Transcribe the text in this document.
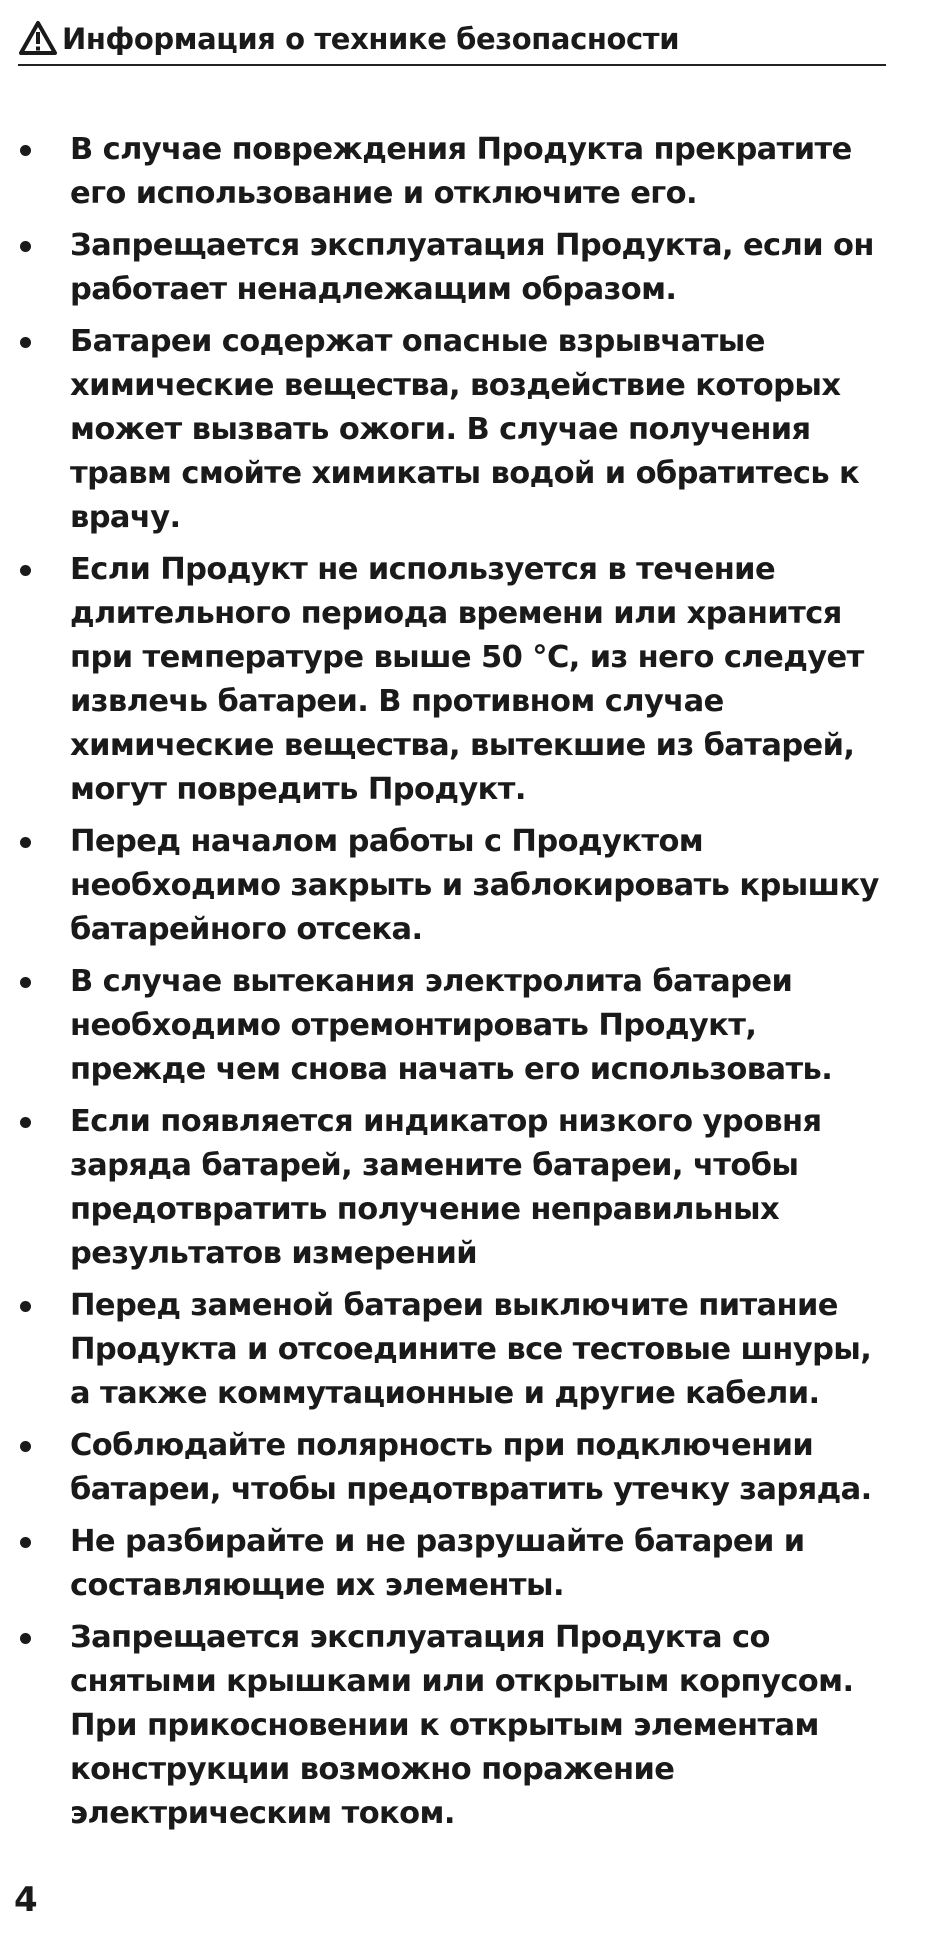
Информация о технике безопасности
В случае повреждения Продукта прекратите его использование и отключите его.
Запрещается эксплуатация Продукта, если он работает ненадлежащим образом.
Батареи содержат опасные взрывчатые химические вещества, воздействие которых может вызвать ожоги. В случае получения травм смойте химикаты водой и обратитесь к врачу.
Если Продукт не используется в течение длительного периода времени или хранится при температуре выше 50 °C, из него следует извлечь батареи. В противном случае химические вещества, вытекшие из батарей, могут повредить Продукт.
Перед началом работы с Продуктом необходимо закрыть и заблокировать крышку батарейного отсека.
В случае вытекания электролита батареи необходимо отремонтировать Продукт, прежде чем снова начать его использовать.
Если появляется индикатор низкого уровня заряда батарей, замените батареи, чтобы предотвратить получение неправильных результатов измерений
Перед заменой батареи выключите питание Продукта и отсоедините все тестовые шнуры, а также коммутационные и другие кабели.
Соблюдайте полярность при подключении батареи, чтобы предотвратить утечку заряда.
Не разбирайте и не разрушайте батареи и составляющие их элементы.
Запрещается эксплуатация Продукта со снятыми крышками или открытым корпусом. При прикосновении к открытым элементам конструкции возможно поражение электрическим током.
4
